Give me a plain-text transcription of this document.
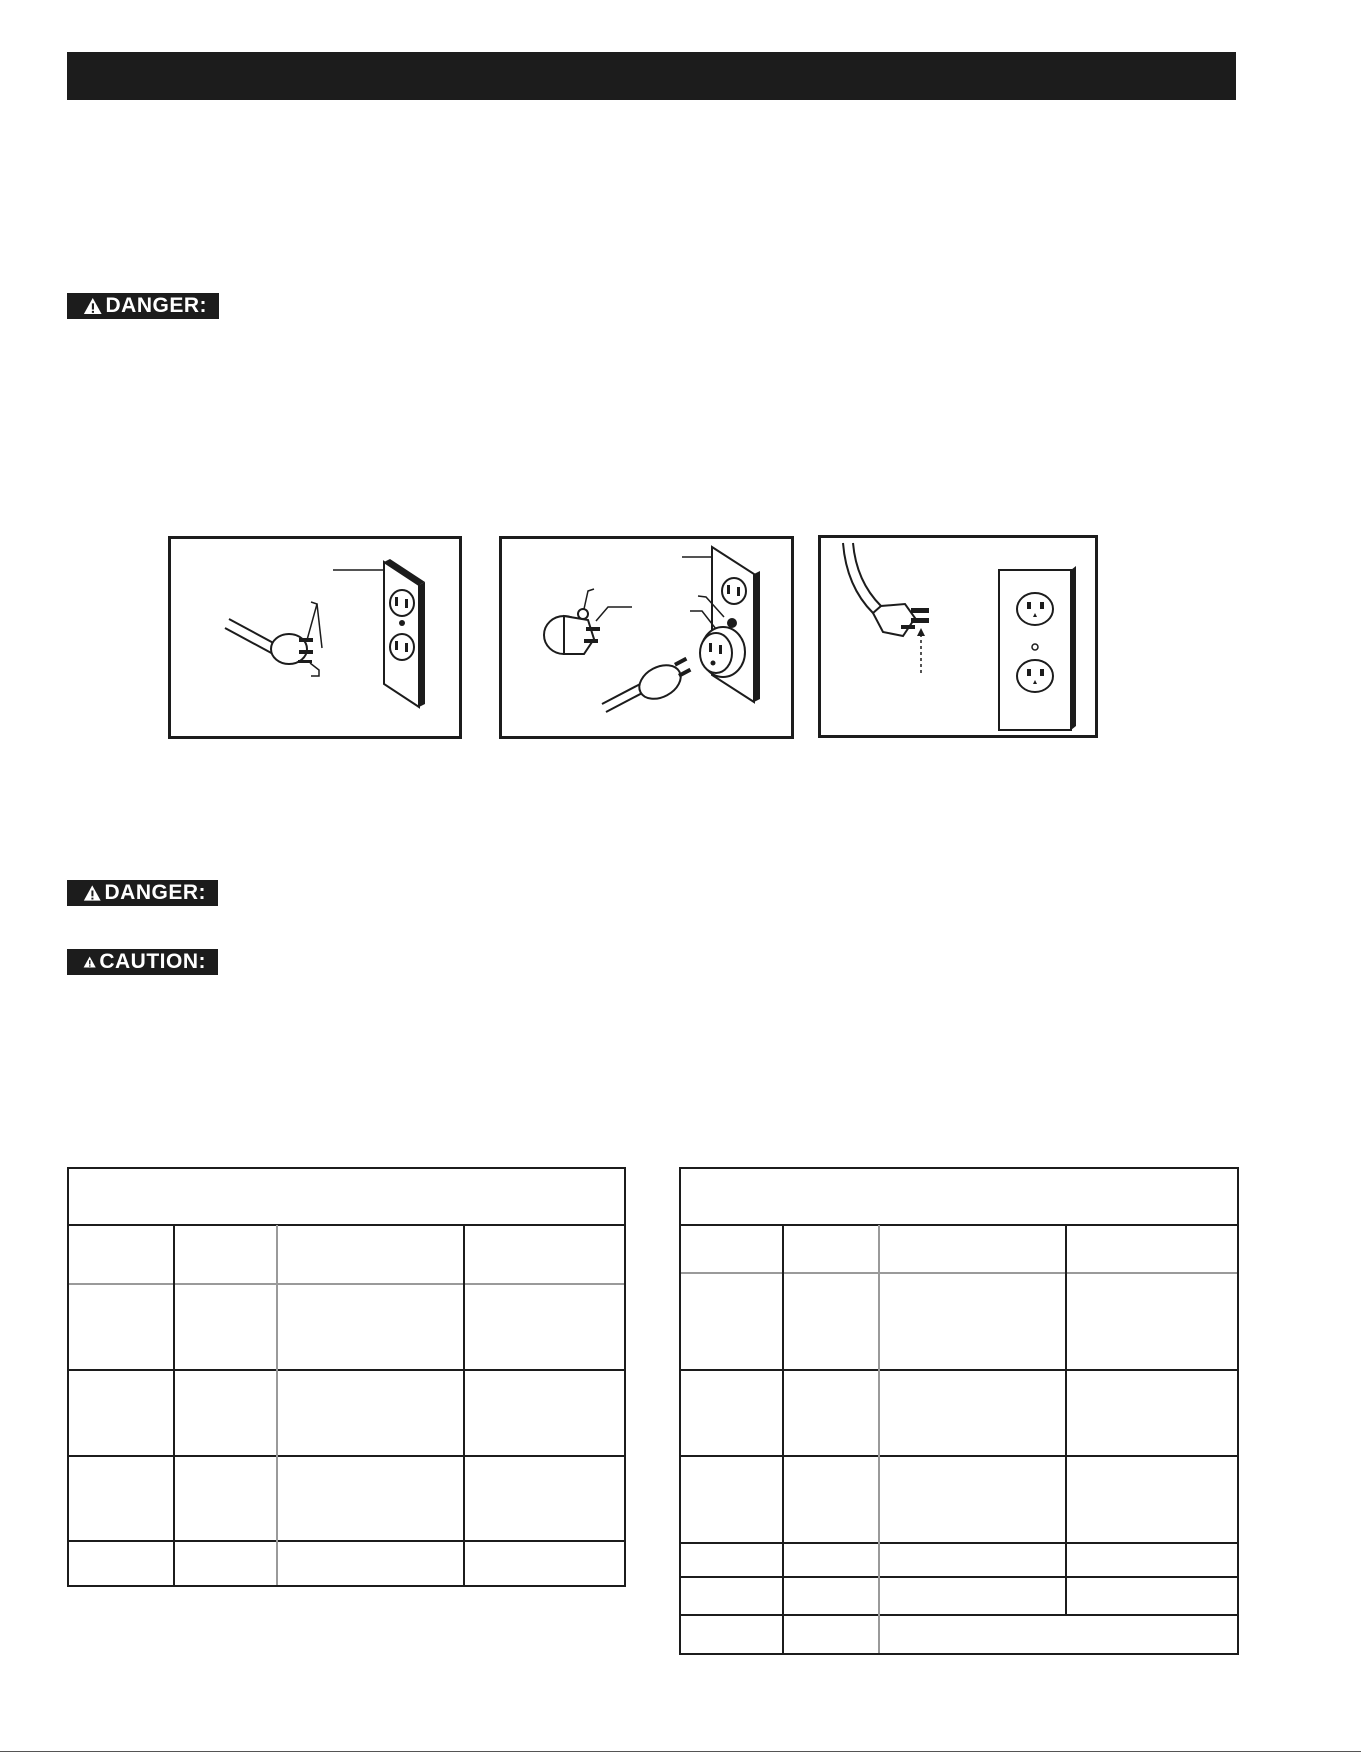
DANGER:
DANGER:
CAUTION:
